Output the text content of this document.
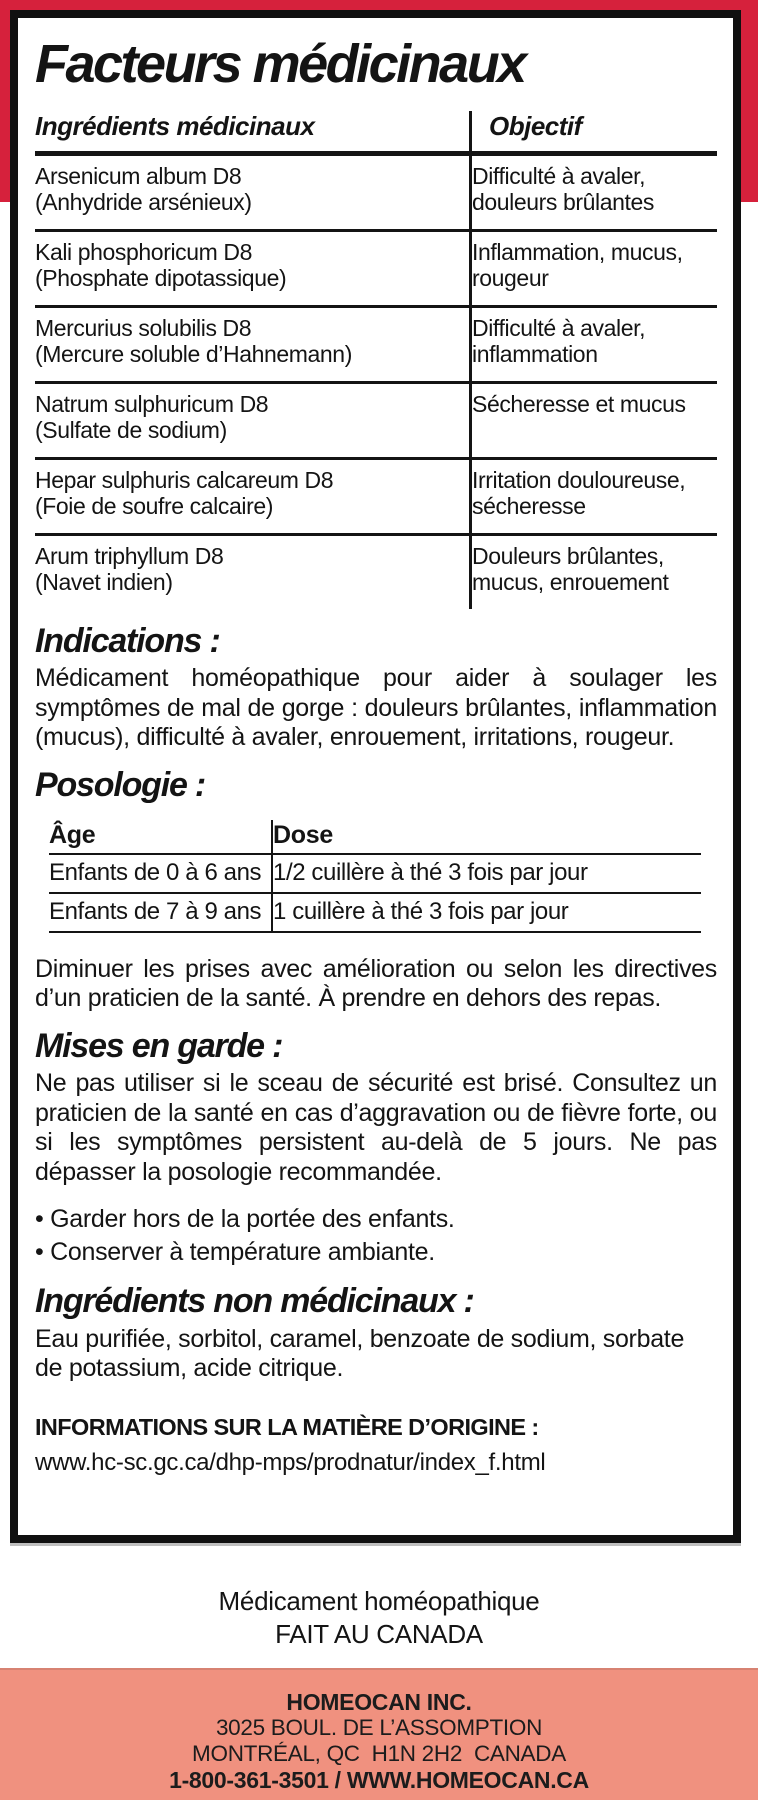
Facteurs médicinaux
Ingrédients médicinaux	Objectif
Arsenicum album D8
(Anhydride arsénieux)
Difficulté à avaler, douleurs brûlantes
Kali phosphoricum D8
(Phosphate dipotassique)
Inflammation, mucus, rougeur
Mercurius solubilis D8
(Mercure soluble d’Hahnemann)
Difficulté à avaler, inflammation
Natrum sulphuricum D8
(Sulfate de sodium)
Sécheresse et mucus
Hepar sulphuris calcareum D8
(Foie de soufre calcaire)
Irritation douloureuse, sécheresse
Arum triphyllum D8
(Navet indien)
Douleurs brûlantes, mucus, enrouement
Indications :

Médicament homéopathique pour aider à soulager les symptômes de mal de gorge : douleurs brûlantes, inflammation (mucus), difficulté à avaler, enrouement, irritations, rougeur.

Posologie :
Âge	Dose
Enfants de 0 à 6 ans 1/2 cuillère à thé 3 fois par jour
Enfants de 7 à 9 ans 1 cuillère à thé 3 fois par jour

Diminuer les prises avec amélioration ou selon les directives d’un praticien de la santé. À prendre en dehors des repas.

Mises en garde :

Ne pas utiliser si le sceau de sécurité est brisé. Consultez un praticien de la santé en cas d’aggravation ou de fièvre forte, ou si les symptômes persistent au-delà de 5 jours. Ne pas dépasser la posologie recommandée.

• Garder hors de la portée des enfants.
• Conserver à température ambiante.
Ingrédients non médicinaux :

Eau purifiée, sorbitol, caramel, benzoate de sodium, sorbate de potassium, acide citrique.

INFORMATIONS SUR LA MATIÈRE D’ORIGINE :
www.hc-sc.gc.ca/dhp-mps/prodnatur/index_f.html
Médicament homéopathique
FAIT AU CANADA
HOMEOCAN INC.
3025 BOUL. DE L’ASSOMPTION
MONTRÉAL, QC  H1N 2H2  CANADA
1-800-361-3501 / WWW.HOMEOCAN.CA
